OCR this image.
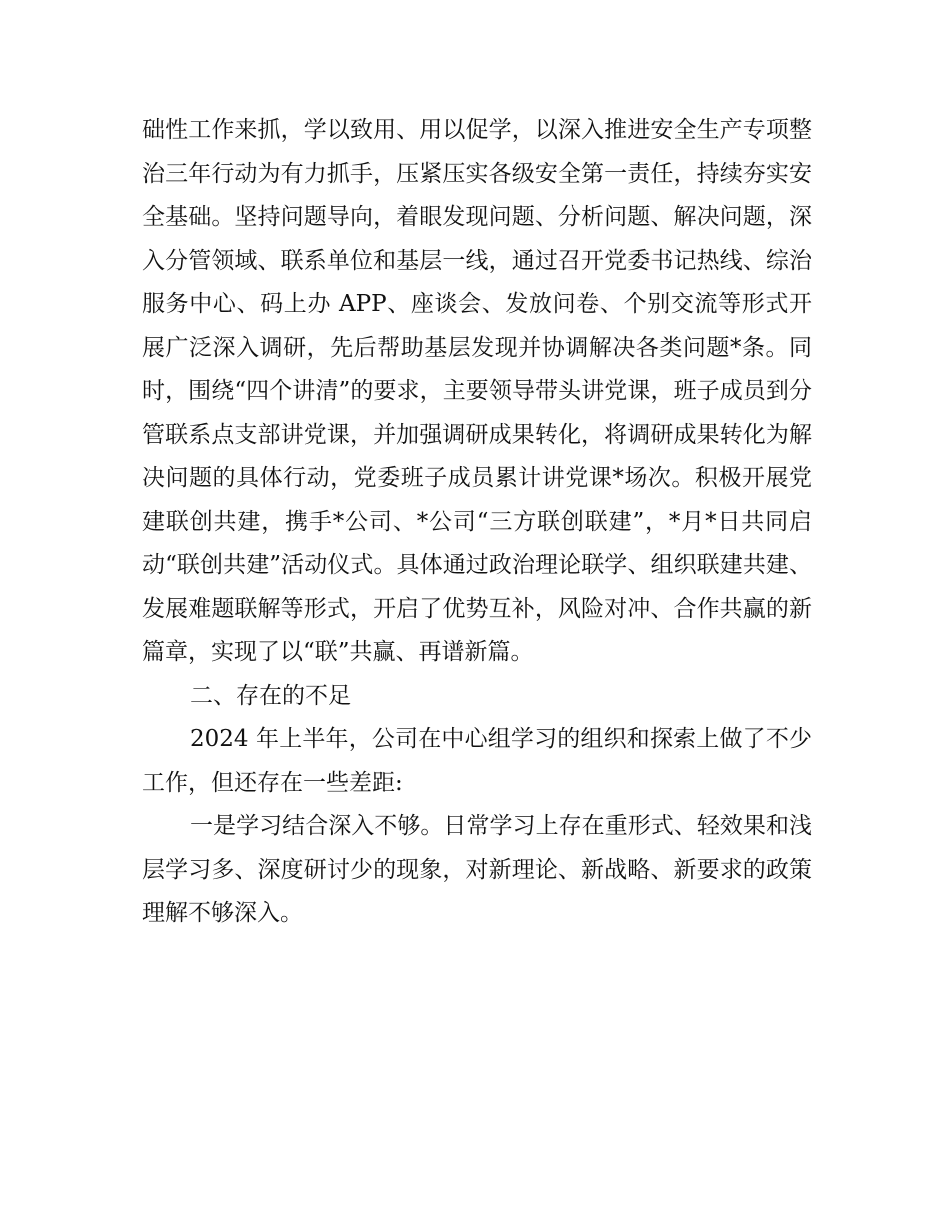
础性工作来抓，学以致用、用以促学，以深入推进安全生产专项整治三年行动为有力抓手，压紧压实各级安全第一责任，持续夯实安全基础。坚持问题导向，着眼发现问题、分析问题、解决问题，深入分管领域、联系单位和基层一线，通过召开党委书记热线、综治服务中心、码上办 APP、座谈会、发放问卷、个别交流等形式开展广泛深入调研，先后帮助基层发现并协调解决各类问题*条。同时，围绕“四个讲清”的要求，主要领导带头讲党课，班子成员到分管联系点支部讲党课，并加强调研成果转化，将调研成果转化为解决问题的具体行动，党委班子成员累计讲党课*场次。积极开展党建联创共建，携手*公司、*公司“三方联创联建”，*月*日共同启动“联创共建”活动仪式。具体通过政治理论联学、组织联建共建、发展难题联解等形式，开启了优势互补，风险对冲、合作共赢的新篇章，实现了以“联”共赢、再谱新篇。

二、存在的不足

2024 年上半年，公司在中心组学习的组织和探索上做了不少工作，但还存在一些差距:

一是学习结合深入不够。日常学习上存在重形式、轻效果和浅层学习多、深度研讨少的现象，对新理论、新战略、新要求的政策理解不够深入。
